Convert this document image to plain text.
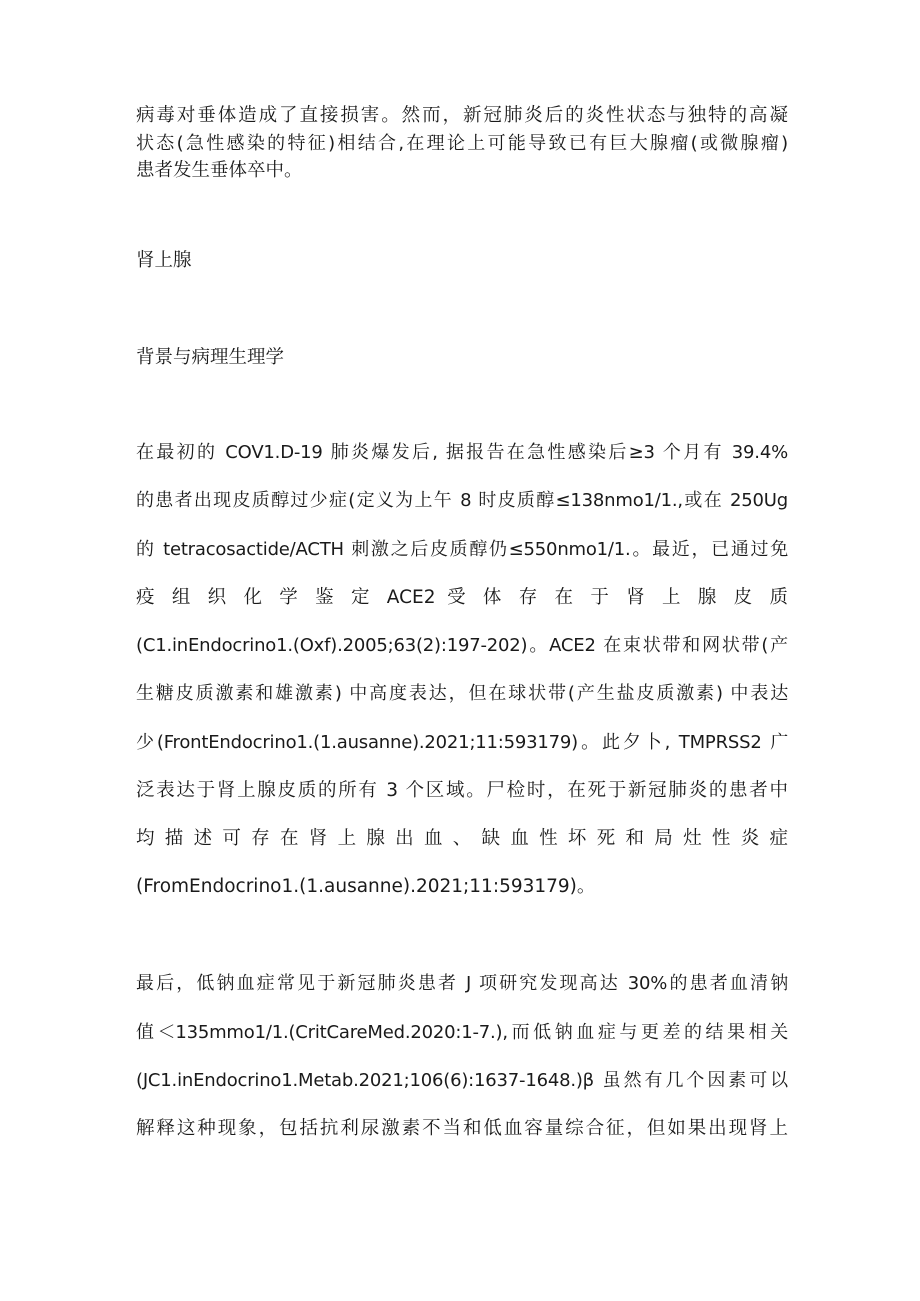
病毒对垂体造成了直接损害。然而，新冠肺炎后的炎性状态与独特的高凝
状态(急性感染的特征)相结合,在理论上可能导致已有巨大腺瘤(或微腺瘤)
患者发生垂体卒中。
肾上腺
背景与病理生理学
在最初的 COV1.D-19 肺炎爆发后, 据报告在急性感染后≥3 个月有 39.4%
的患者出现皮质醇过少症(定义为上午 8 时皮质醇≤138nmo1∕1.,或在 250Ug
的 tetracosactide/ACTH 刺激之后皮质醇仍≤550nmo1∕1.。最近，已通过免
疫 组 织 化 学 鉴 定 ACE2 受 体 存 在 于 肾 上 腺 皮 质
(C1.inEndocrino1.(Oxf).2005;63(2):197-202)。ACE2 在束状带和网状带(产
生糖皮质激素和雄激素) 中高度表达，但在球状带(产生盐皮质激素) 中表达
少(FrontEndocrino1.(1.ausanne).2021;11:593179)。此夕卜, TMPRSS2 广
泛表达于肾上腺皮质的所有 3 个区域。尸检时，在死于新冠肺炎的患者中
均 描 述 可 存 在 肾 上 腺 出 血 、 缺 血 性 坏 死 和 局 灶 性 炎 症
(FromEndocrino1.(1.ausanne).2021;11:593179)。
最后，低钠血症常见于新冠肺炎患者 J 项研究发现高达 30%的患者血清钠
值＜135mmo1∕1.(CritCareMed.2020:1-7.),而低钠血症与更差的结果相关
(JC1.inEndocrino1.Metab.2021;106(6):1637-1648.)β 虽然有几个因素可以
解释这种现象，包括抗利尿激素不当和低血容量综合征，但如果出现肾上
